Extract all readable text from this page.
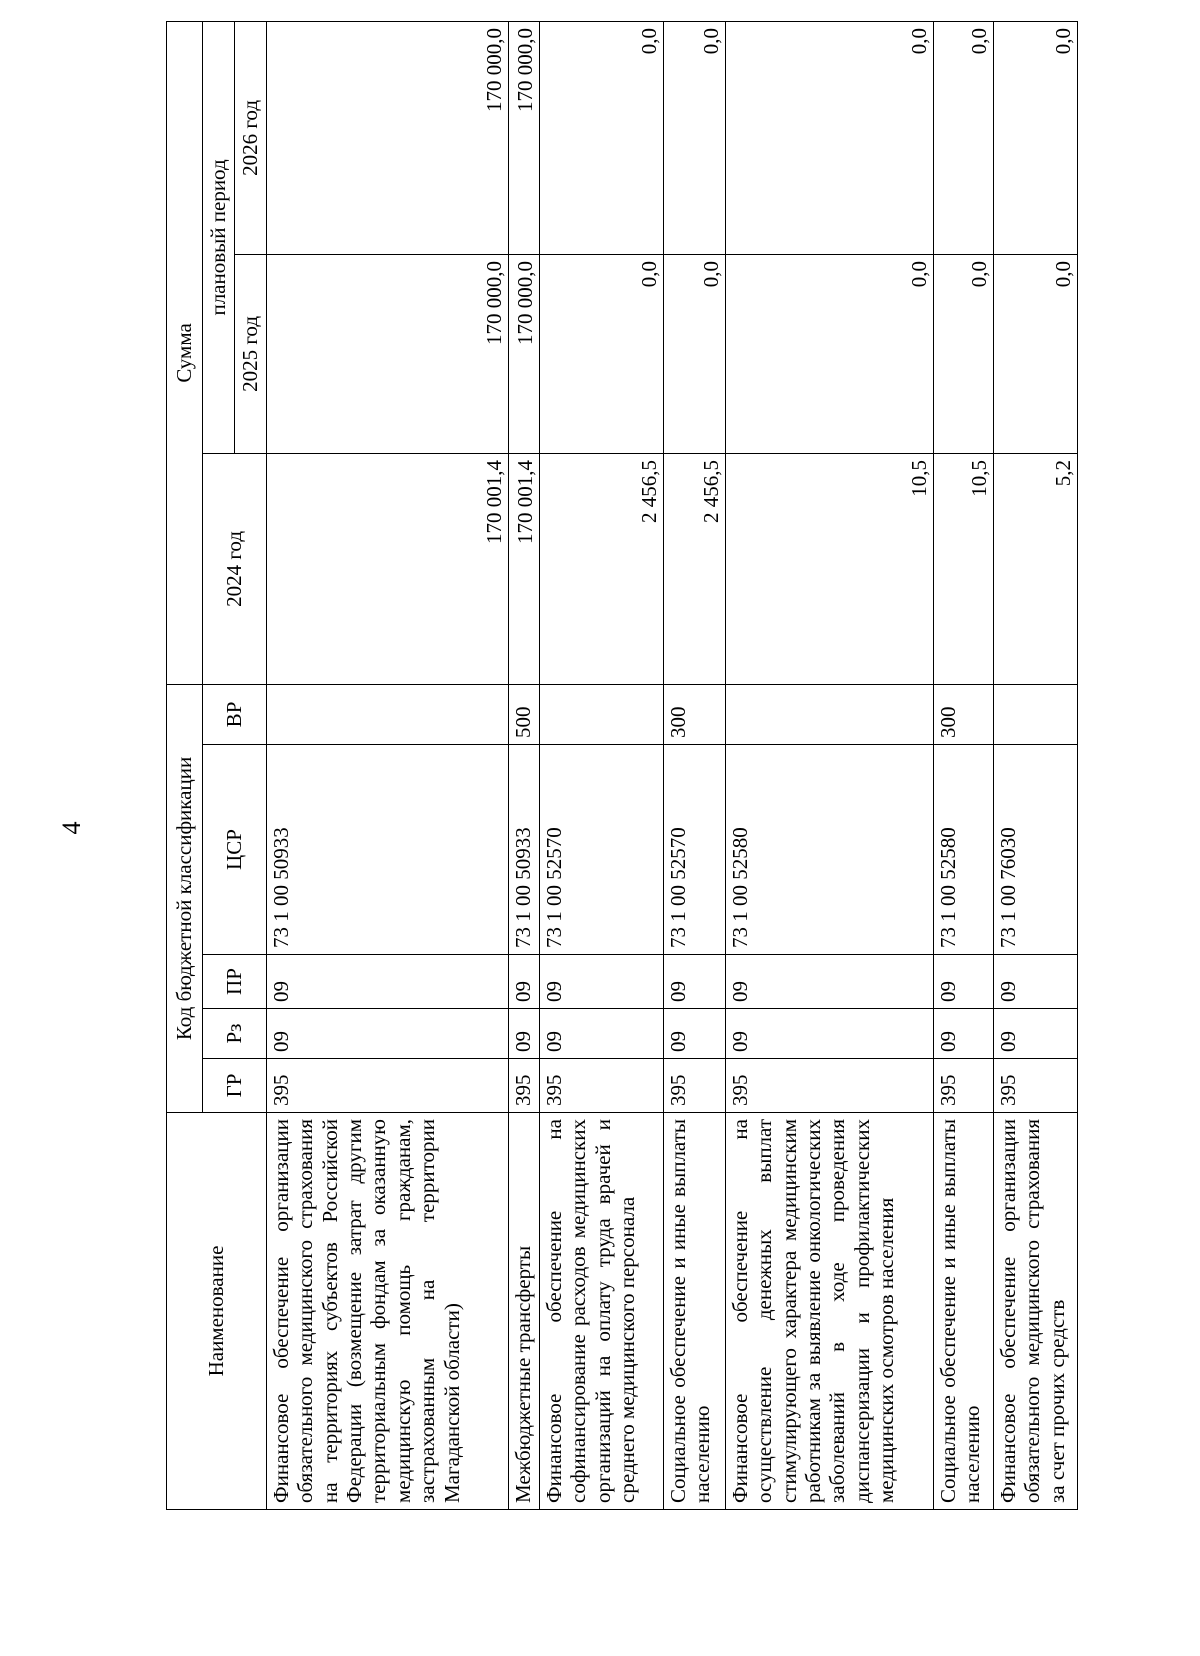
4
Наименование	Код бюджетной классификации					Сумма		
	ГР	Рз	ПР	ЦСР	ВР	2024 год	плановый период	
							2025 год	2026 год
Финансовое обеспечение организации обязательного медицинского страхования на территориях субъектов Российской Федерации (возмещение затрат другим территориальным фондам за оказанную медицинскую помощь гражданам, застрахованным на территории Магаданской области)	395	09	09	73 1 00 50933		170 001,4	170 000,0	170 000,0
Межбюджетные трансферты	395	09	09	73 1 00 50933	500	170 001,4	170 000,0	170 000,0
Финансовое обеспечение на софинансирование расходов медицинских организаций на оплату труда врачей и среднего медицинского персонала	395	09	09	73 1 00 52570		2 456,5	0,0	0,0
Социальное обеспечение и иные выплаты населению	395	09	09	73 1 00 52570	300	2 456,5	0,0	0,0
Финансовое обеспечение на осуществление денежных выплат стимулирующего характера медицинским работникам за выявление онкологических заболеваний в ходе проведения диспансеризации и профилактических медицинских осмотров населения	395	09	09	73 1 00 52580		10,5	0,0	0,0
Социальное обеспечение и иные выплаты населению	395	09	09	73 1 00 52580	300	10,5	0,0	0,0
Финансовое обеспечение организации обязательного медицинского страхования за счет прочих средств	395	09	09	73 1 00 76030		5,2	0,0	0,0
